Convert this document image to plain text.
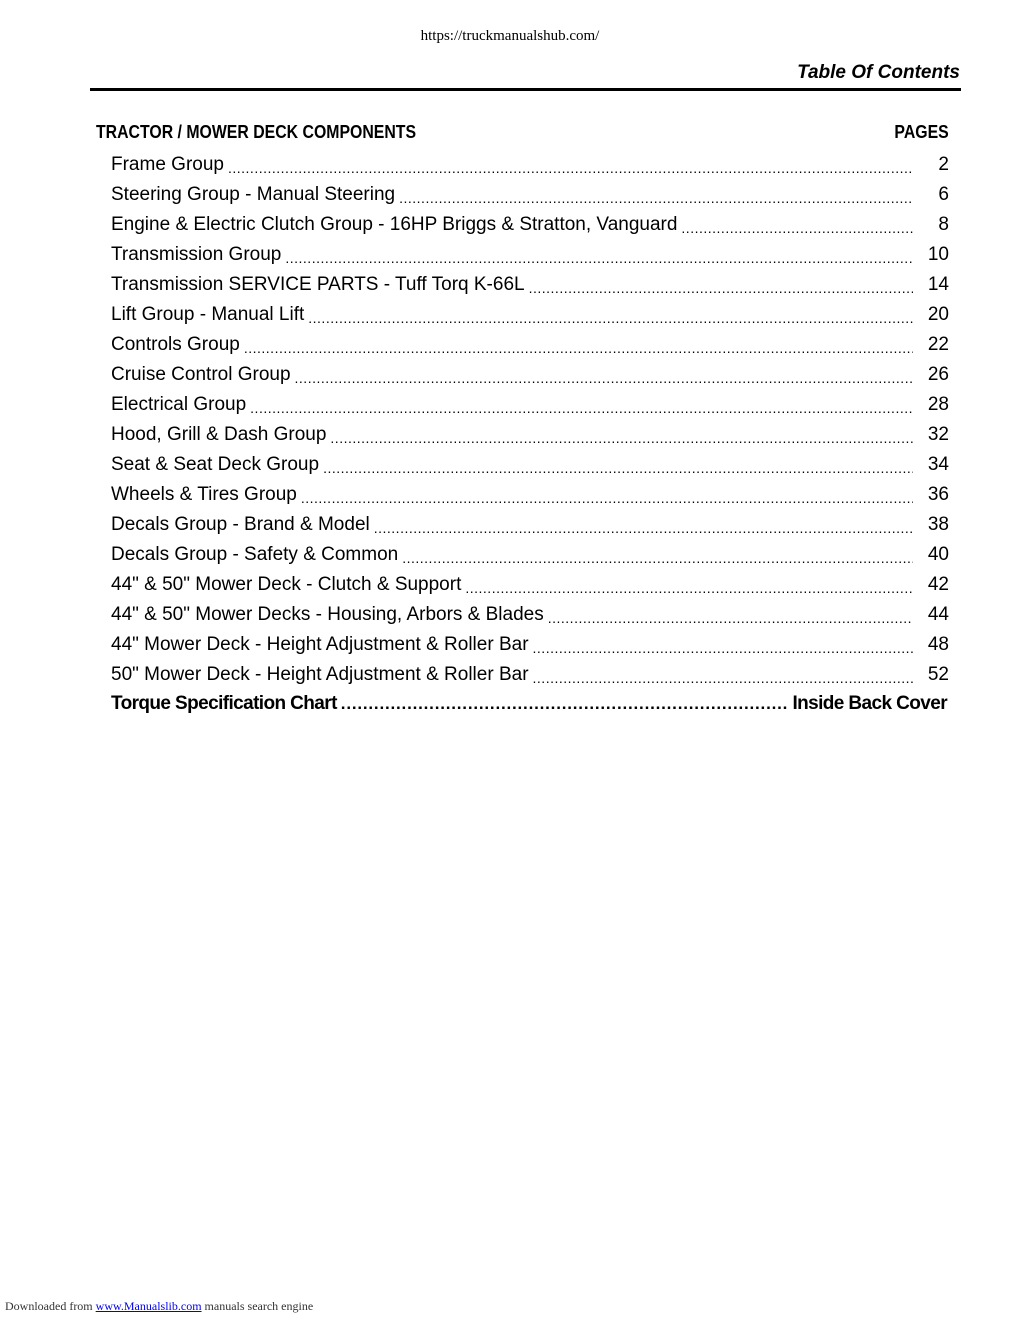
https://truckmanualshub.com/
Table Of Contents
TRACTOR / MOWER DECK COMPONENTS	PAGES
Frame Group .....	2
Steering Group - Manual Steering .....	6
Engine & Electric Clutch Group - 16HP Briggs & Stratton, Vanguard .....	8
Transmission Group .....	10
Transmission SERVICE PARTS - Tuff Torq K-66L .....	14
Lift Group - Manual Lift .....	20
Controls Group .....	22
Cruise Control Group .....	26
Electrical Group .....	28
Hood, Grill & Dash Group .....	32
Seat & Seat Deck Group .....	34
Wheels & Tires Group .....	36
Decals Group - Brand & Model .....	38
Decals Group - Safety & Common .....	40
44" & 50" Mower Deck - Clutch & Support .....	42
44" & 50" Mower Decks - Housing, Arbors & Blades .....	44
44" Mower Deck - Height Adjustment & Roller Bar .....	48
50" Mower Deck - Height Adjustment & Roller Bar .....	52
Torque Specification Chart .....	Inside Back Cover
Downloaded from www.Manualslib.com manuals search engine
